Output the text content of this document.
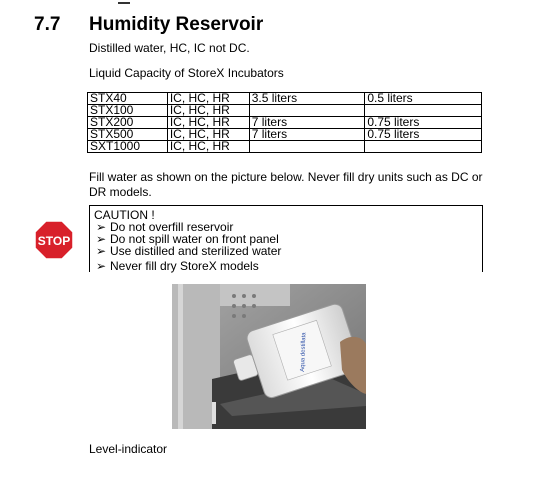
7.7 Humidity Reservoir
Distilled water, HC, IC not DC.
Liquid Capacity of StoreX Incubators
STX40	IC, HC, HR	3.5 liters	0.5 liters
STX100	IC, HC, HR		
STX200	IC, HC, HR	7 liters	0.75 liters
STX500	IC, HC, HR	7 liters	0.75 liters
SXT1000	IC, HC, HR		
Fill water as shown on the picture below. Never fill dry units such as DC or DR models.
STOP
CAUTION !
➢ Do not overfill reservoir
➢ Do not spill water on front panel
➢ Use distilled and sterilized water
➢ Never fill dry StoreX models
Aqua destillata
Level-indicator
